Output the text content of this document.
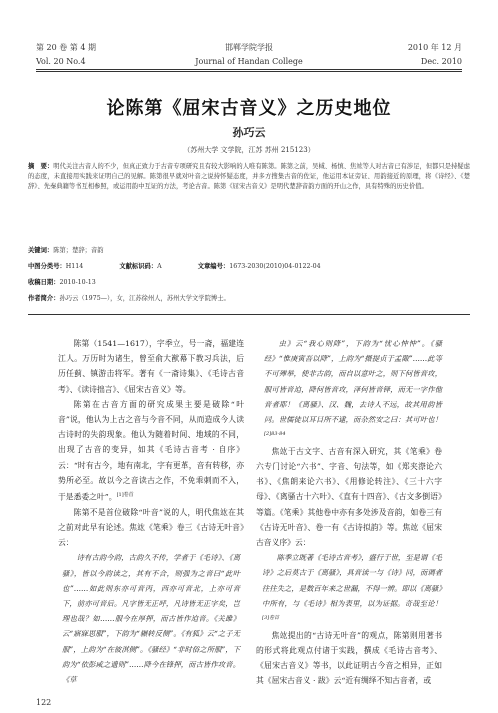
第 20 卷 第 4 期	邯郸学院学报	2010 年 12 月
Vol. 20 No.4	Journal of Handan College	Dec. 2010
论陈第《屈宋古音义》之历史地位
孙巧云
（苏州大学 文学院，江苏 苏州 215123）
摘　要：明代关注古音人的不少，但真正致力于古音专项研究且有较大影响的人唯有陈第。陈第之前，吴棫、杨慎、焦竑等人对古音已有涉足，但都只是持疑虑的态度，未直接用实践来证明自己的见解。陈第很早就对叶音之说持怀疑态度，并多方搜集古音的佐证，他运用本证旁证、用韵接近的原理，将《诗经》、《楚辞》、先秦典籍等书互相参照，或运用韵中互证的方法，考论古音。陈第《屈宋古音义》是明代楚辞音韵方面的开山之作，具有特殊的历史价值。
关键词：陈第；楚辞；音韵
中图分类号：H114	文献标识码：A	文章编号：1673-2030(2010)04-0122-04
收稿日期：2010-10-13
作者简介：孙巧云（1975—），女，江苏徐州人，苏州大学文学院博士。

陈第（1541—1617），字季立，号一斋，福建连江人。万历时为诸生，曾至俞大猷幕下教习兵法，后历任蓟、镇游击将军。著有《一斋诗集》、《毛诗古音考》、《读诗拙言》、《屈宋古音义》等。

陈第在古音方面的研究成果主要是破除“叶音”说，他认为上古之音与今音不同，从而造成今人读古诗时的失韵现象。他认为随着时间、地域的不同，出现了古音的变异，如其《毛诗古音考 · 自序》云：“时有古今，地有南北，字有更革，音有转移，亦势所必至。故以今之音读古之作，不免乖刺而不入，于是悉委之叶”。$^{[1]卷首}$

陈第不是首位破除“叶音”说的人，明代焦竑在其之前对此早有论述。焦竑《笔乘》卷三《古诗无叶音》云：

诗有古韵今韵，古韵久不传，学者于《毛诗》、《离骚》，皆以今韵读之，其有不合，则强为之音曰“此叶也”……如此则东亦可音丙，西亦可音北，上亦可音下，前亦可音后。凡字皆无正呼，凡诗皆无正字矣，岂理也哉？如……服今在厚押，而古皆作迫音。《关雎》云“寤寐思服”，下韵为“辗转反侧”。《有狐》云“之子无服”，上韵为“在彼淇侧”。《骚经》“非时俗之所服”，下韵为“依彭咸之遗则”……降今在锋押，而古皆作攻音。《草

虫》云“我心则降”，下韵为“忧心忡忡”。《骚经》“惟庚寅吾以降”，上韵为“摄提贞于孟陬”……此等不可殚举，使非古韵，而自以意叶之，则下何皆音攻，服可皆音迫，降何皆音攻，泽何皆音铎，而无一字作他音者耶！《离骚》、汉、魏，去诗人不远，故其用韵皆同。世儒徒以耳目所不逮，而杂然安之曰：其可叶也！$^{[2]83-84}$

焦竑于古文字、古音有深入研究，其《笔乘》卷六专门讨论“六书”、字音、句法等，如《郑夹漈论六书》、《焦朗来论六书》、《用修论转注》、《三十六字母》、《离骚古十六叶》、《直有十四音》、《古文多倒语》等篇。《笔乘》其他卷中亦有多处涉及音韵，如卷三有《古诗无叶音》、卷一有《古诗拟韵》等。焦竑《屈宋古音义序》云：

陈季立既著《毛诗古音考》，盛行于世，至是谓《毛诗》之后莫古于《离骚》，具音读一与《诗》同，而调者往往失之，是数百年来之世漏，不得一辨。即以《离骚》中所有，与《毛诗》相为表里，以为证据。奇哉至论！$^{[3]卷首}$

焦竑提出的“古诗无叶音”的观点，陈第则用著书的形式将此观点付诸于实践，撰成《毛诗古音考》、《屈宋古音义》等书，以此证明古今音之相异，正如其《屈宋古音义 · 跋》云“近有绸绎不知古音者，或

122
